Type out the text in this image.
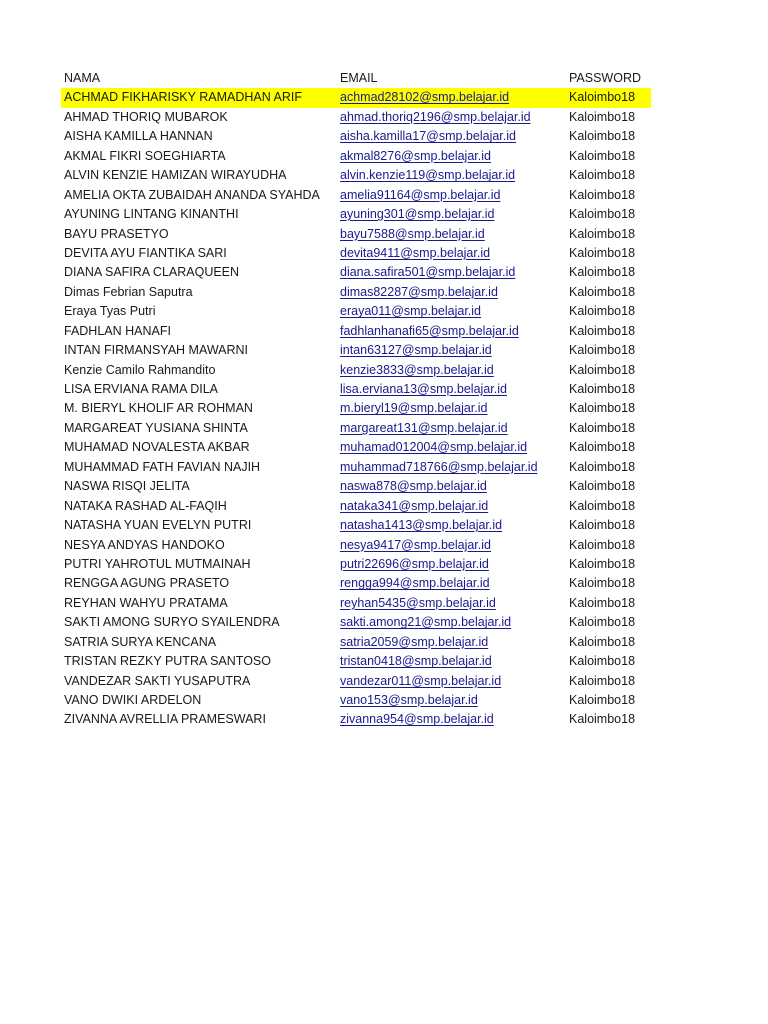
NAMA	EMAIL	PASSWORD
ACHMAD FIKHARISKY RAMADHAN ARIF	achmad28102@smp.belajar.id	Kaloimbo18
AHMAD THORIQ MUBAROK	ahmad.thoriq2196@smp.belajar.id	Kaloimbo18
AISHA KAMILLA HANNAN	aisha.kamilla17@smp.belajar.id	Kaloimbo18
AKMAL FIKRI SOEGHIARTA	akmal8276@smp.belajar.id	Kaloimbo18
ALVIN KENZIE HAMIZAN WIRAYUDHA	alvin.kenzie119@smp.belajar.id	Kaloimbo18
AMELIA OKTA ZUBAIDAH ANANDA SYAHDA amelia91164@smp.belajar.id	Kaloimbo18
AYUNING LINTANG KINANTHI	ayuning301@smp.belajar.id	Kaloimbo18
BAYU PRASETYO	bayu7588@smp.belajar.id	Kaloimbo18
DEVITA AYU FIANTIKA SARI	devita9411@smp.belajar.id	Kaloimbo18
DIANA SAFIRA CLARAQUEEN	diana.safira501@smp.belajar.id	Kaloimbo18
Dimas Febrian Saputra	dimas82287@smp.belajar.id	Kaloimbo18
Eraya Tyas Putri	eraya011@smp.belajar.id	Kaloimbo18
FADHLAN HANAFI	fadhlanhanafi65@smp.belajar.id	Kaloimbo18
INTAN FIRMANSYAH MAWARNI	intan63127@smp.belajar.id	Kaloimbo18
Kenzie Camilo Rahmandito	kenzie3833@smp.belajar.id	Kaloimbo18
LISA ERVIANA RAMA DILA	lisa.erviana13@smp.belajar.id	Kaloimbo18
M. BIERYL KHOLIF AR ROHMAN	m.bieryl19@smp.belajar.id	Kaloimbo18
MARGAREAT YUSIANA SHINTA	margareat131@smp.belajar.id	Kaloimbo18
MUHAMAD NOVALESTA AKBAR	muhamad012004@smp.belajar.id	Kaloimbo18
MUHAMMAD FATH FAVIAN NAJIH	muhammad718766@smp.belajar.id	Kaloimbo18
NASWA RISQI JELITA	naswa878@smp.belajar.id	Kaloimbo18
NATAKA RASHAD AL-FAQIH	nataka341@smp.belajar.id	Kaloimbo18
NATASHA YUAN EVELYN PUTRI	natasha1413@smp.belajar.id	Kaloimbo18
NESYA ANDYAS HANDOKO	nesya9417@smp.belajar.id	Kaloimbo18
PUTRI YAHROTUL MUTMAINAH	putri22696@smp.belajar.id	Kaloimbo18
RENGGA AGUNG PRASETO	rengga994@smp.belajar.id	Kaloimbo18
REYHAN WAHYU PRATAMA	reyhan5435@smp.belajar.id	Kaloimbo18
SAKTI AMONG SURYO SYAILENDRA	sakti.among21@smp.belajar.id	Kaloimbo18
SATRIA SURYA KENCANA	satria2059@smp.belajar.id	Kaloimbo18
TRISTAN REZKY PUTRA SANTOSO	tristan0418@smp.belajar.id	Kaloimbo18
VANDEZAR SAKTI YUSAPUTRA	vandezar011@smp.belajar.id	Kaloimbo18
VANO DWIKI ARDELON	vano153@smp.belajar.id	Kaloimbo18
ZIVANNA AVRELLIA PRAMESWARI	zivanna954@smp.belajar.id	Kaloimbo18
